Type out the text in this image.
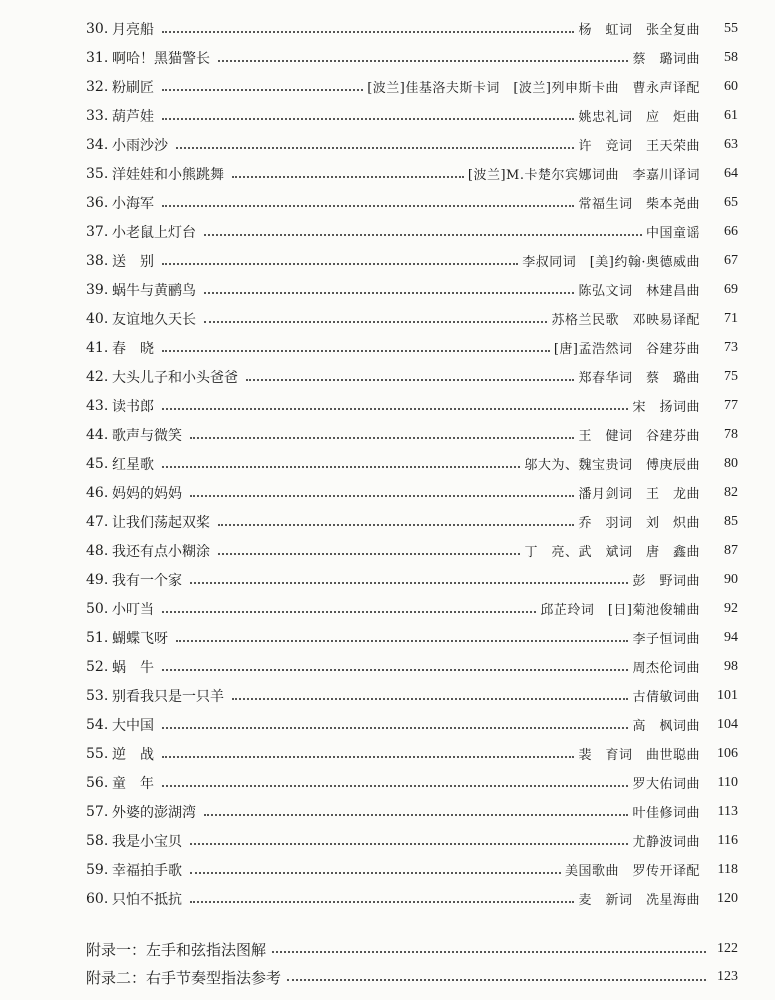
30. 月亮船	杨　虹词　张全复曲	55
31. 啊哈！黑猫警长	蔡　璐词曲	58
32. 粉刷匠	[波兰]佳基洛夫斯卡词　[波兰]列申斯卡曲　曹永声译配	60
33. 葫芦娃	姚忠礼词　应　炬曲	61
34. 小雨沙沙	许　竞词　王天荣曲	63
35. 洋娃娃和小熊跳舞	[波兰]M.卡楚尔宾娜词曲　李嘉川译词	64
36. 小海军	常福生词　柴本尧曲	65
37. 小老鼠上灯台	中国童谣	66
38. 送　别	李叔同词　[美]约翰·奥德威曲	67
39. 蜗牛与黄鹂鸟	陈弘文词　林建昌曲	69
40. 友谊地久天长	苏格兰民歌　邓映易译配	71
41. 春　晓	[唐]孟浩然词　谷建芬曲	73
42. 大头儿子和小头爸爸	郑春华词　蔡　璐曲	75
43. 读书郎	宋　扬词曲	77
44. 歌声与微笑	王　健词　谷建芬曲	78
45. 红星歌	邬大为、魏宝贵词　傅庚辰曲	80
46. 妈妈的妈妈	潘月剑词　王　龙曲	82
47. 让我们荡起双桨	乔　羽词　刘　炽曲	85
48. 我还有点小糊涂	丁　亮、武　斌词　唐　鑫曲	87
49. 我有一个家	彭　野词曲	90
50. 小叮当	邱芷玲词　[日]菊池俊辅曲	92
51. 蝴蝶飞呀	李子恒词曲	94
52. 蜗　牛	周杰伦词曲	98
53. 别看我只是一只羊	古倩敏词曲	101
54. 大中国	高　枫词曲	104
55. 逆　战	裴　育词　曲世聪曲	106
56. 童　年	罗大佑词曲	110
57. 外婆的澎湖湾	叶佳修词曲	113
58. 我是小宝贝	尤静波词曲	116
59. 幸福拍手歌	美国歌曲　罗传开译配	118
60. 只怕不抵抗	麦　新词　冼星海曲	120
附录一：左手和弦指法图解	122
附录二：右手节奏型指法参考	123
